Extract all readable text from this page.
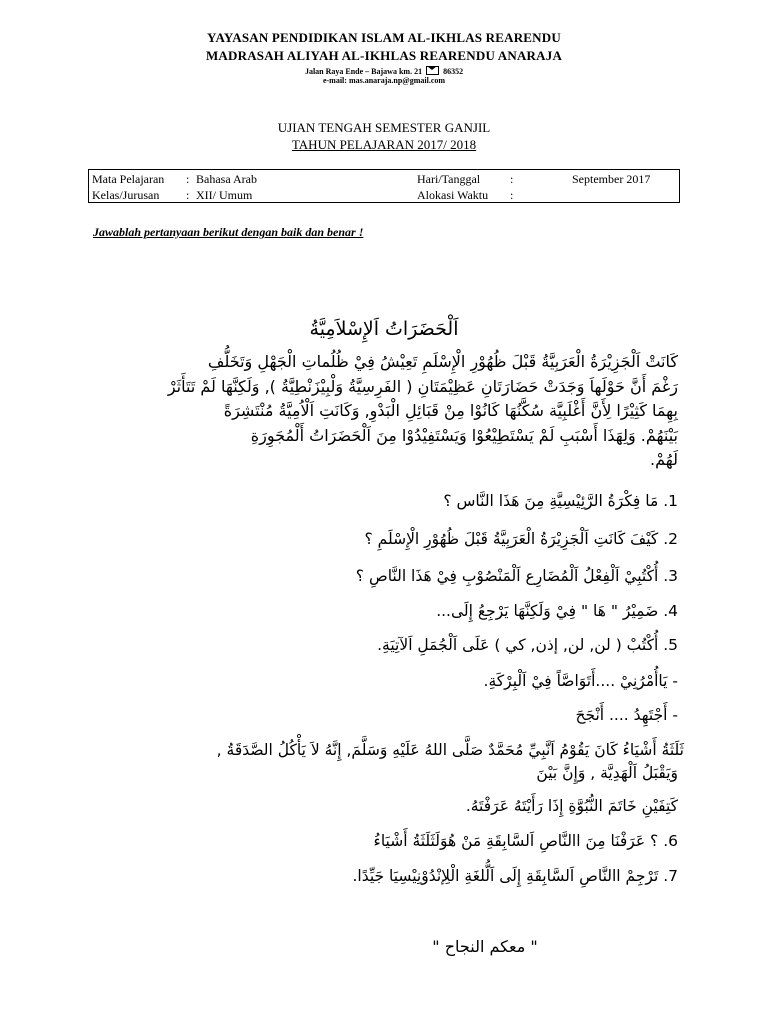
YAYASAN PENDIDIKAN ISLAM AL-IKHLAS REARENDU
MADRASAH ALIYAH AL-IKHLAS REARENDU ANARAJA
Jalan Raya Ende – Bajawa km. 21	86352
e-mail: mas.anaraja.np@gmail.com
UJIAN TENGAH SEMESTER GANJIL
TAHUN PELAJARAN 2017/ 2018
Mata Pelajaran : Bahasa Arab
Kelas/Jurusan : XII/ Umum
Hari/Tanggal :	September 2017
Alokasi Waktu :
Jawablah pertanyaan berikut dengan baik dan benar !
اَلْحَضَرَاتُ اَلإِسْلاَمِيَّةُ
كَانَتْ اَلْجَزِيْرَةُ الْعَرَبِيَّةُ قَبْلَ ظُهُوْرِ الْإِسْلَمِ تَعِيْشُ فِيْ ظُلُماتِ الْجَهْلِ وَتَخَلُّفِ
رَغْمَ أَنَّ حَوْلَهاَ وَجَدَتْ حَضَارَتَانِ عَظِيْمَتَانِ ( الفَرِسِيَّةُ وَلْبِيْزَنْطِيَّةُ ), وَلَكِنَّهَا لَمْ تَتَأَثَرْ
بِهِمَا كَثِيْرًا لِأَنَّ أَغْلَبِيَّة سُكَّنُهَا كَانُوْا مِنْ قَبَائِلِ الْبَدْوِ, وَكَانَتِ اَلْاُمِيَّةُ مُنْتَشِرَةً
بَيْنَهُمْ. وَلِهَذَا أَسْبَبِ لَمْ يَسْتَطِيْعُوْا وَيَسْتَفِيْدُوْا مِنَ اَلْحَضَرَاتُ أَلْمُجَوِرَةِ
لَهُمْ.
1. مَا فِكْرَةُ الرَّئِيْسِيَّةِ مِنَ هَذَا النَّاس ؟
2. كَيْفَ كَانَتِ اَلْجَزِيْرَةُ الْعَرَبِيَّةُ قَبْلَ ظُهُوْرِ الْإِسْلَمِ ؟
3. أُكْتُبِيْ اَلْفِعْلُ اَلْمُضَارِع اَلْمَنْصُوْبِ فِيْ هَذَا النَّاصِ ؟
4. ضَمِيْرُ " هَا " فِيْ وَلَكِنَّهَا يَرْجِعُ إِلَى...
5. أُكْتُبْ ( لن, لن, إذن, كي ) عَلَى اَلْجُمَلِ اَلآتِيَةِ.
- يَاأُمْرُنِيْ ....أَتَوَاصَّاً فِيْ اَلْبِرْكَةِ.
- أَجْتَهِدُ .... أَنْجَحَ
ثَلَثَةُ أَشْيَاءُ كَانَ يَقُوْمُ اَنَّبِيِّ مُحَمَّدٌ صَلَّى اللهُ عَلَيْهِ وَسَلَّمَ, إِنَّهُ لاَ يَأْكُلُ الصَّدَقَةُ ,
وَيَقْبَلُ اَلْهَدِيَّة , وَإِنَّ بَيْنَ
كَتِفَيْنِ خَاتَمَ النُّبُوَّةِ إِذَا رَأَيْتَهُ عَرَفْتَهُ.
6. ؟ عَرَفْنَا مِنَ االنَّاصِ اَلسَّابِقَةِ مَنْ هُوَلَثَلَثَةُ أَشْيَاءُ
7. تَرْجِمْ االنَّاصِ اَلسَّابِقَةِ إِلَى اَلُّلغَةِ الْلِإنْدُوْنِيْسِيَا جَيِّدًا.
" معكم النجاح "
